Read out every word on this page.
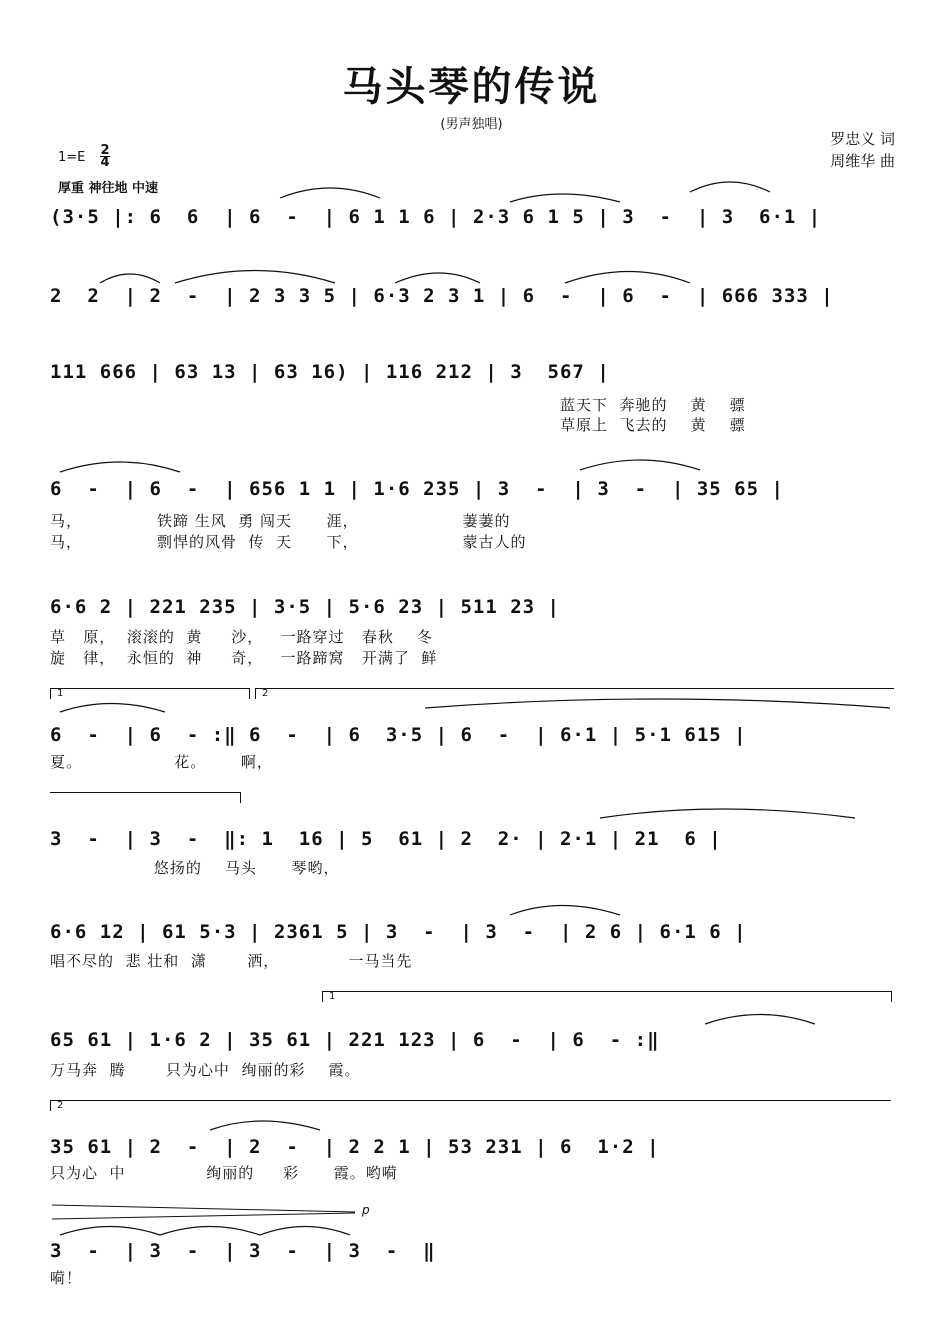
马头琴的传说
(男声独唱)
罗忠义 词
周维华 曲
$1=E \frac{2}{4}$
厚重 神往地 中速
(3·5 |: 6  6  | 6  -  | 6 1 1 6 | 2·3 6 1 5 | 3  -  | 3  6·1 |
2  2  | 2  -  | 2 3 3 5 | 6·3 2 3 1 | 6  -  | 6  -  | 666 333 |
111 666 | 63 13 | 63 16) | 116 212 | 3  567 |
蓝天下  奔驰的    黄    骠
草原上  飞去的    黄    骠
6  -  | 6  -  | 656 1 1 | 1·6 235 | 3  -  | 3  -  | 35 65 |
马，             铁蹄 生风  勇 闯天      涯，                  萋萋的
马，             剽悍的风骨  传  天      下，                  蒙古人的
6·6 2 | 221 235 | 3·5 | 5·6 23 | 511 23 |
草   原，  滚滚的  黄     沙，   一路穿过   春秋    冬
旋   律，  永恒的  神     奇，   一路蹄窝   开满了  鲜
6  -  | 6  - :‖ 6  -  | 6  3·5 | 6  -  | 6·1 | 5·1 615 |
夏。                花。      啊，
3  -  | 3  -  ‖: 1  16 | 5  61 | 2  2· | 2·1 | 21  6 |
悠扬的    马头      琴哟，
6·6 12 | 61 5·3 | 2361 5 | 3  -  | 3  -  | 2 6 | 6·1 6 |
唱不尽的  悲 壮和  潇       洒，            一马当先
65 61 | 1·6 2 | 35 61 | 221 123 | 6  -  | 6  - :‖
万马奔  腾       只为心中  绚丽的彩    霞。
35 61 | 2  -  | 2  -  | 2 2 1 | 53 231 | 6  1·2 |
只为心  中              绚丽的     彩      霞。哟嗬
3  -  | 3  -  | 3  -  | 3  -  ‖
嗬！
1	2
1
2
p
